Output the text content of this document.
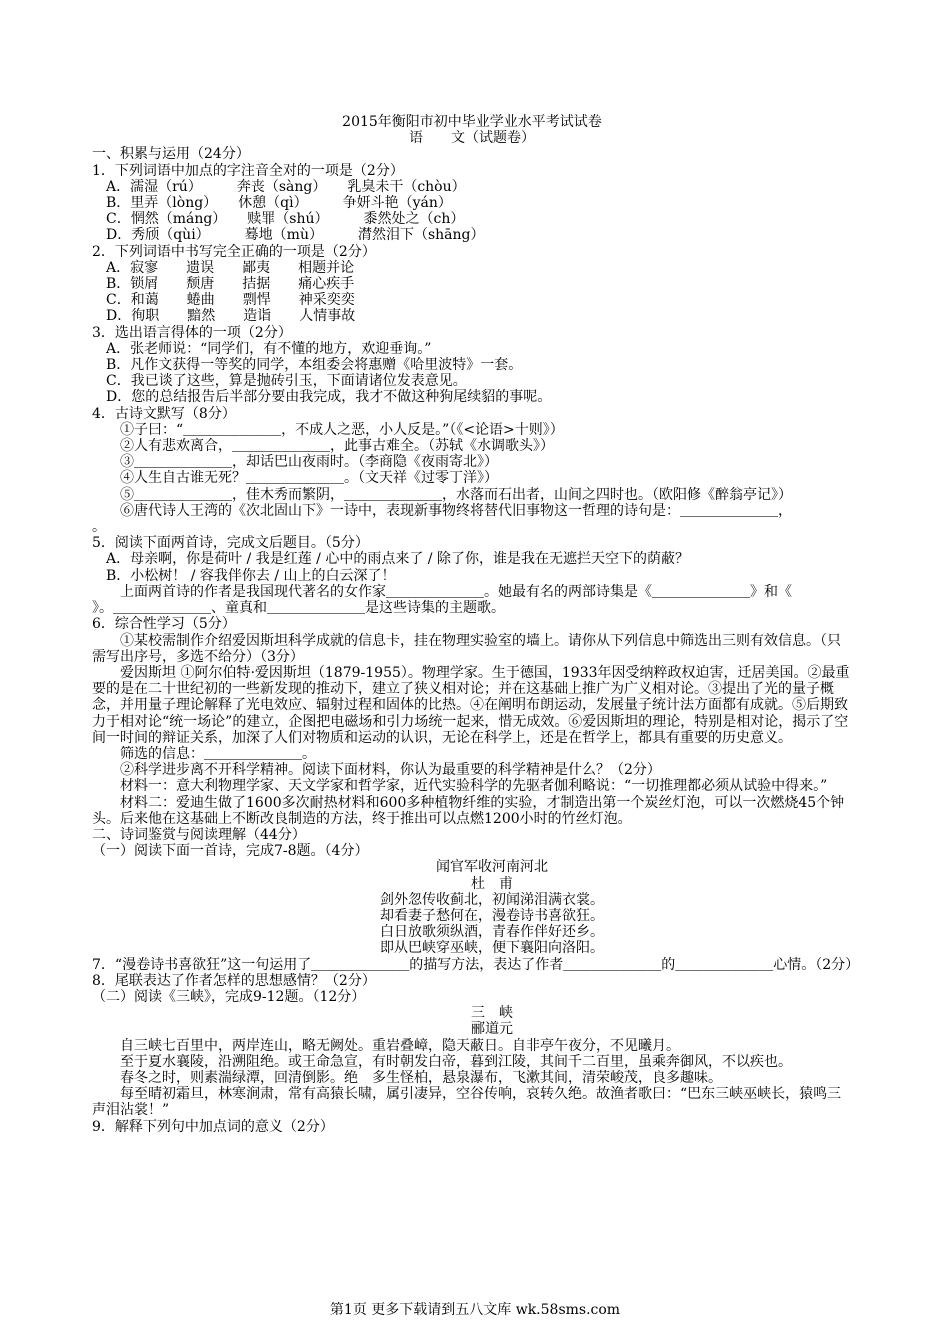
2015年衡阳市初中毕业学业水平考试试卷

语　　文（试题卷）

一、积累与运用（24分）

1．下列词语中加点的字注音全对的一项是（2分）

A．濡湿（rú）　　　奔丧（sàng）　　乳臭未干（chòu）

B．里弄（lòng）　　休憩（qì）　　　争妍斗艳（yán）

C．惘然（máng）　　赎罪（shú）　　　黍然处之（ch）

D．秀颀（qùi）　　　蓦地（mù）　　　潸然泪下（shāng）

2．下列词语中书写完全正确的一项是（2分）

A．寂寥　　遗误　　鄙夷　　相题并论

B．锁屑　　颓唐　　拮据　　痛心疾手

C．和蔼　　蜷曲　　剽悍　　神采奕奕

D．徇职　　黯然　　造诣　　人情事故

3．选出语言得体的一项（2分）

A．张老师说：“同学们，有不懂的地方，欢迎垂询。”

B．凡作文获得一等奖的同学，本组委会将惠赠《哈里波特》一套。

C．我已谈了这些，算是抛砖引玉，下面请诸位发表意见。

D．您的总结报告后半部分要由我完成，我才不做这种狗尾续貂的事呢。

4．古诗文默写（8分）

①子曰：“＿＿＿＿＿＿＿，不成人之恶，小人反是。”（《<论语>十则》）

②人有悲欢离合，＿＿＿＿＿＿＿，此事古难全。（苏轼《水调歌头》）

③＿＿＿＿＿＿＿，却话巴山夜雨时。（李商隐《夜雨寄北》）

④人生自古谁无死？＿＿＿＿＿＿＿。（文天祥《过零丁洋》）

⑤＿＿＿＿＿＿＿，佳木秀而繁阴，＿＿＿＿＿＿＿，水落而石出者，山间之四时也。（欧阳修《醉翁亭记》）

⑥唐代诗人王湾的《次北固山下》一诗中，表现新事物终将替代旧事物这一哲理的诗句是：＿＿＿＿＿＿＿，

。

5．阅读下面两首诗，完成文后题目。（5分）

A．母亲啊，你是荷叶 / 我是红莲 / 心中的雨点来了 / 除了你，谁是我在无遮拦天空下的荫蔽？

B．小松树！ / 容我伴你去 / 山上的白云深了！

上面两首诗的作者是我国现代著名的女作家＿＿＿＿＿＿＿。她最有名的两部诗集是《＿＿＿＿＿＿＿》和《

》。＿＿＿＿＿＿＿、童真和＿＿＿＿＿＿＿是这些诗集的主题歌。

6．综合性学习（5分）

①某校需制作介绍爱因斯坦科学成就的信息卡，挂在物理实验室的墙上。请你从下列信息中筛选出三则有效信息。（只需写出序号，多选不给分）（3分）

爱因斯坦 ①阿尔伯特·爱因斯坦（1879-1955）。物理学家。生于德国，1933年因受纳粹政权迫害，迁居美国。②最重要的是在二十世纪初的一些新发现的推动下，建立了狭义相对论；并在这基础上推广为广义相对论。③提出了光的量子概念，并用量子理论解释了光电效应、辐射过程和固体的比热。④在阐明布朗运动，发展量子统计法方面都有成就。⑤后期致力于相对论“统一场论”的建立，企图把电磁场和引力场统一起来，惜无成效。⑥爱因斯坦的理论，特别是相对论，揭示了空间一时间的辩证关系，加深了人们对物质和运动的认识，无论在科学上，还是在哲学上，都具有重要的历史意义。

筛选的信息：＿＿＿＿＿＿＿。

②科学进步离不开科学精神。阅读下面材料，你认为最重要的科学精神是什么？（2分）

材料一：意大利物理学家、天文学家和哲学家，近代实验科学的先驱者伽利略说：“一切推理都必须从试验中得来。”

材料二：爱迪生做了1600多次耐热材料和600多种植物纤维的实验，才制造出第一个炭丝灯泡，可以一次燃烧45个钟头。后来他在这基础上不断改良制造的方法，终于推出可以点燃1200小时的竹丝灯泡。

二、诗词鉴赏与阅读理解（44分）

（一）阅读下面一首诗，完成7-8题。（4分）

闻官军收河南河北

杜　甫

剑外忽传收蓟北，初闻涕泪满衣裳。

却看妻子愁何在，漫卷诗书喜欲狂。

白日放歌须纵酒，青春作伴好还乡。

即从巴峡穿巫峡，便下襄阳向洛阳。

7．“漫卷诗书喜欲狂”这一句运用了＿＿＿＿＿＿＿的描写方法，表达了作者＿＿＿＿＿＿＿的＿＿＿＿＿＿＿心情。（2分）

8．尾联表达了作者怎样的思想感情？（2分）

（二）阅读《三峡》，完成9-12题。（12分）

三　峡

郦道元

自三峡七百里中，两岸连山，略无阙处。重岩叠嶂，隐天蔽日。自非亭午夜分，不见曦月。

至于夏水襄陵，沿溯阻绝。或王命急宣，有时朝发白帝，暮到江陵，其间千二百里，虽乘奔御风，不以疾也。

春冬之时，则素湍绿潭，回清倒影。绝　多生怪柏，悬泉瀑布，飞漱其间，清荣峻茂，良多趣味。

每至晴初霜旦，林寒涧肃，常有高猿长啸，属引凄异，空谷传响，哀转久绝。故渔者歌曰：“巴东三峡巫峡长，猿鸣三声泪沾裳！”

9．解释下列句中加点词的意义（2分）

第1页 更多下载请到五八文库 wk.58sms.com
